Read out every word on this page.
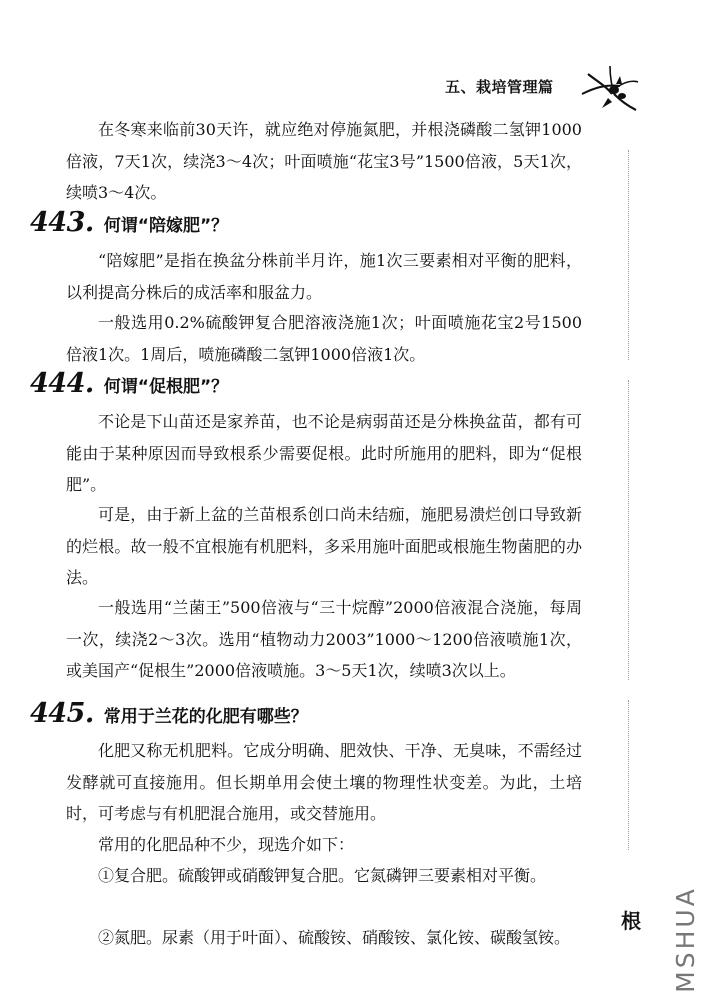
五、栽培管理篇
在冬寒来临前30天许，就应绝对停施氮肥，并根浇磷酸二氢钾1000倍液，7天1次，续浇3～4次；叶面喷施“花宝3号”1500倍液，5天1次，续喷3～4次。
443. 何谓“陪嫁肥”？
“陪嫁肥”是指在换盆分株前半月许，施1次三要素相对平衡的肥料，以利提高分株后的成活率和服盆力。
一般选用0.2%硫酸钾复合肥溶液浇施1次；叶面喷施花宝2号1500倍液1次。1周后，喷施磷酸二氢钾1000倍液1次。
444. 何谓“促根肥”？
不论是下山苗还是家养苗，也不论是病弱苗还是分株换盆苗，都有可能由于某种原因而导致根系少需要促根。此时所施用的肥料，即为“促根肥”。
可是，由于新上盆的兰苗根系创口尚未结痂，施肥易溃烂创口导致新的烂根。故一般不宜根施有机肥料，多采用施叶面肥或根施生物菌肥的办法。
一般选用“兰菌王”500倍液与“三十烷醇”2000倍液混合浇施，每周一次，续浇2～3次。选用“植物动力2003”1000～1200倍液喷施1次，或美国产“促根生”2000倍液喷施。3～5天1次，续喷3次以上。
445. 常用于兰花的化肥有哪些？
化肥又称无机肥料。它成分明确、肥效快、干净、无臭味，不需经过发酵就可直接施用。但长期单用会使土壤的物理性状变差。为此，土培时，可考虑与有机肥混合施用，或交替施用。
常用的化肥品种不少，现选介如下：
①复合肥。硫酸钾或硝酸钾复合肥。它氮磷钾三要素相对平衡。
②氮肥。尿素（用于叶面）、硫酸铵、硝酸铵、氯化铵、碳酸氢铵。
根 MSHUA
